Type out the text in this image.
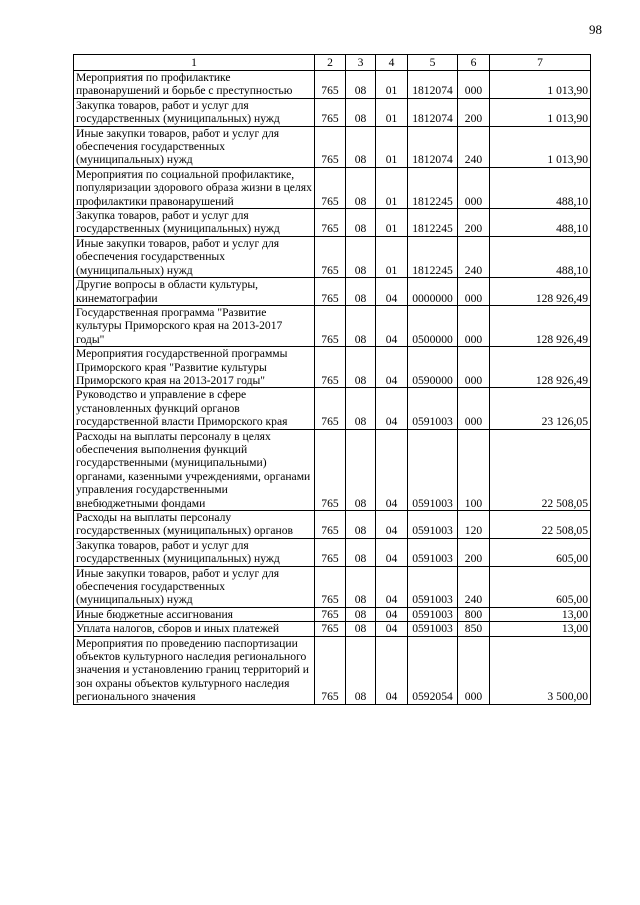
98
1	2	3	4	5	6	7
Мероприятия по профилактике правонарушений и борьбе с преступностью	765	08	01	1812074	000	1 013,90
Закупка товаров, работ и услуг для государственных (муниципальных) нужд	765	08	01	1812074	200	1 013,90
Иные закупки товаров, работ и услуг для обеспечения государственных (муниципальных) нужд	765	08	01	1812074	240	1 013,90
Мероприятия по социальной профилактике, популяризации здорового образа жизни в целях профилактики правонарушений	765	08	01	1812245	000	488,10
Закупка товаров, работ и услуг для государственных (муниципальных) нужд	765	08	01	1812245	200	488,10
Иные закупки товаров, работ и услуг для обеспечения государственных (муниципальных) нужд	765	08	01	1812245	240	488,10
Другие вопросы в области культуры, кинематографии	765	08	04	0000000	000	128 926,49
Государственная программа "Развитие культуры Приморского края на 2013-2017 годы"	765	08	04	0500000	000	128 926,49
Мероприятия государственной программы Приморского края "Развитие культуры Приморского края на 2013-2017 годы"	765	08	04	0590000	000	128 926,49
Руководство и управление в сфере установленных функций органов государственной власти Приморского края	765	08	04	0591003	000	23 126,05
Расходы на выплаты персоналу в целях обеспечения выполнения функций государственными (муниципальными) органами, казенными учреждениями, органами управления государственными внебюджетными фондами	765	08	04	0591003	100	22 508,05
Расходы на выплаты персоналу государственных (муниципальных) органов	765	08	04	0591003	120	22 508,05
Закупка товаров, работ и услуг для государственных (муниципальных) нужд	765	08	04	0591003	200	605,00
Иные закупки товаров, работ и услуг для обеспечения государственных (муниципальных) нужд	765	08	04	0591003	240	605,00
Иные бюджетные ассигнования	765	08	04	0591003	800	13,00
Уплата налогов, сборов и иных платежей	765	08	04	0591003	850	13,00
Мероприятия по проведению паспортизации объектов культурного наследия регионального значения и установлению границ территорий и зон охраны объектов культурного наследия регионального значения	765	08	04	0592054	000	3 500,00
